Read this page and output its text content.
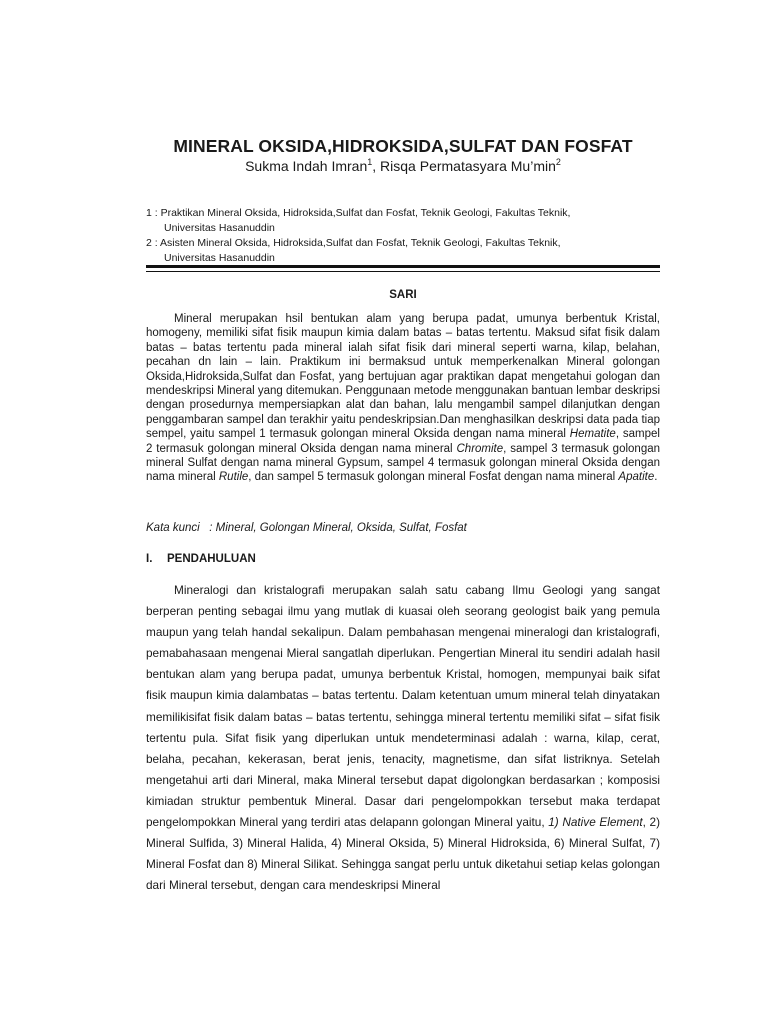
MINERAL OKSIDA,HIDROKSIDA,SULFAT DAN FOSFAT

Sukma Indah Imran$^1$, Risqa Permatasyara $Mu’\min^2$

1 : Praktikan Mineral Oksida, Hidroksida,Sulfat dan Fosfat, Teknik Geologi, Fakultas Teknik,
Universitas Hasanuddin

2 : Asisten Mineral Oksida, Hidroksida,Sulfat dan Fosfat, Teknik Geologi, Fakultas Teknik,
Universitas Hasanuddin

SARI

Mineral merupakan hsil bentukan alam yang berupa padat, umunya berbentuk Kristal, homogeny, memiliki sifat fisik maupun kimia dalam batas – batas tertentu. Maksud sifat fisik dalam batas – batas tertentu pada mineral ialah sifat fisik dari mineral seperti warna, kilap, belahan, pecahan dn lain – lain. Praktikum ini bermaksud untuk memperkenalkan Mineral golongan Oksida,Hidroksida,Sulfat dan Fosfat, yang bertujuan agar praktikan dapat mengetahui gologan dan mendeskripsi Mineral yang ditemukan. Penggunaan metode menggunakan bantuan lembar deskripsi dengan prosedurnya mempersiapkan alat dan bahan, lalu mengambil sampel dilanjutkan dengan penggambaran sampel dan terakhir yaitu pendeskripsian.Dan menghasilkan deskripsi data pada tiap sempel, yaitu sampel 1 termasuk golongan mineral Oksida dengan nama mineral Hematite, sampel 2 termasuk golongan mineral Oksida dengan nama mineral Chromite, sampel 3 termasuk golongan mineral Sulfat dengan nama mineral Gypsum, sampel 4 termasuk golongan mineral Oksida dengan nama mineral Rutile, dan sampel 5 termasuk golongan mineral Fosfat dengan nama mineral Apatite.

Kata kunci   : Mineral, Golongan Mineral, Oksida, Sulfat, Fosfat

I. PENDAHULUAN

Mineralogi dan kristalografi merupakan salah satu cabang Ilmu Geologi yang sangat berperan penting sebagai ilmu yang mutlak di kuasai oleh seorang geologist baik yang pemula maupun yang telah handal sekalipun. Dalam pembahasan mengenai mineralogi dan kristalografi, pemabahasaan mengenai Mieral sangatlah diperlukan. Pengertian Mineral itu sendiri adalah hasil bentukan alam yang berupa padat, umunya berbentuk Kristal, homogen, mempunyai baik sifat fisik maupun kimia dalambatas – batas tertentu. Dalam ketentuan umum mineral telah dinyatakan memilikisifat fisik dalam batas – batas tertentu, sehingga mineral tertentu memiliki sifat – sifat fisik tertentu pula. Sifat fisik yang diperlukan untuk mendeterminasi adalah : warna, kilap, cerat, belaha, pecahan, kekerasan, berat jenis, tenacity, magnetisme, dan sifat listriknya. Setelah mengetahui arti dari Mineral, maka Mineral tersebut dapat digolongkan berdasarkan ; komposisi kimiadan struktur pembentuk Mineral. Dasar dari pengelompokkan tersebut maka terdapat pengelompokkan Mineral yang terdiri atas delapann golongan Mineral yaitu, 1) Native Element, 2) Mineral Sulfida, 3) Mineral Halida, 4) Mineral Oksida, 5) Mineral Hidroksida, 6) Mineral Sulfat, 7) Mineral Fosfat dan 8) Mineral Silikat. Sehingga sangat perlu untuk diketahui setiap kelas golongan dari Mineral tersebut, dengan cara mendeskripsi Mineral
